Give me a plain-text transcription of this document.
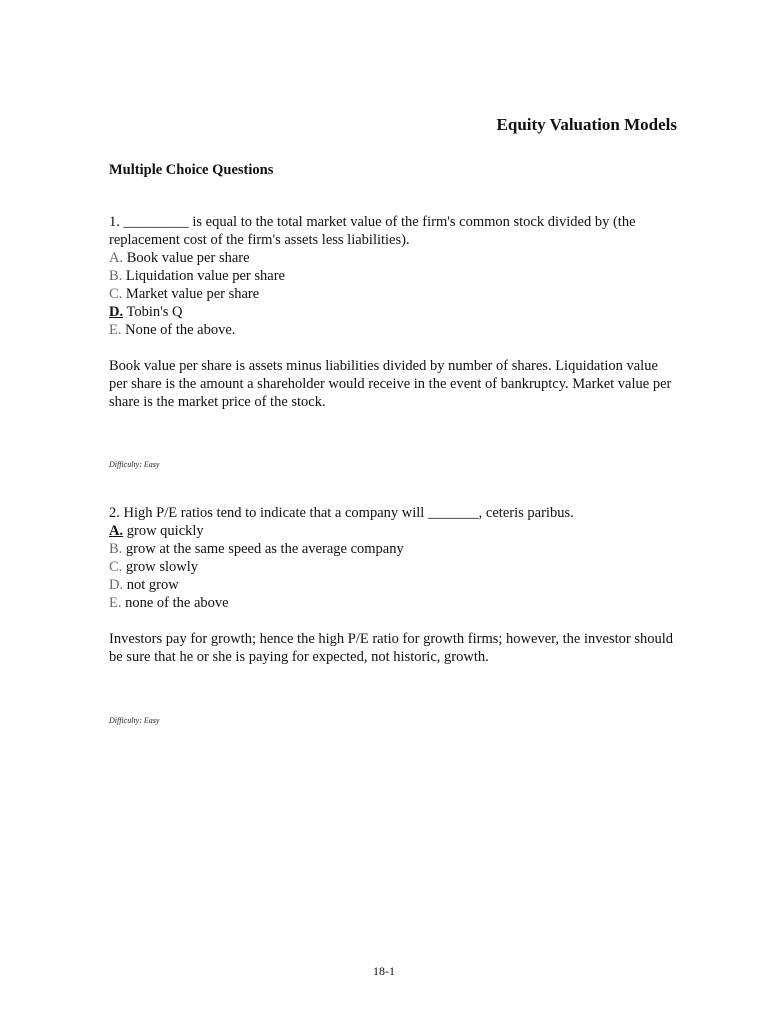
Equity Valuation Models
Multiple Choice Questions

1. _________ is equal to the total market value of the firm's common stock divided by (the
replacement cost of the firm's assets less liabilities).

A. Book value per share
B. Liquidation value per share
C. Market value per share
D. Tobin's Q
E. None of the above.

Book value per share is assets minus liabilities divided by number of shares. Liquidation value per share is the amount a shareholder would receive in the event of bankruptcy. Market value per share is the market price of the stock.

Difficulty: Easy

2. High P/E ratios tend to indicate that a company will _______, ceteris paribus.

A. grow quickly
B. grow at the same speed as the average company
C. grow slowly
D. not grow
E. none of the above

Investors pay for growth; hence the high P/E ratio for growth firms; however, the investor should be sure that he or she is paying for expected, not historic, growth.

Difficulty: Easy
18-1
